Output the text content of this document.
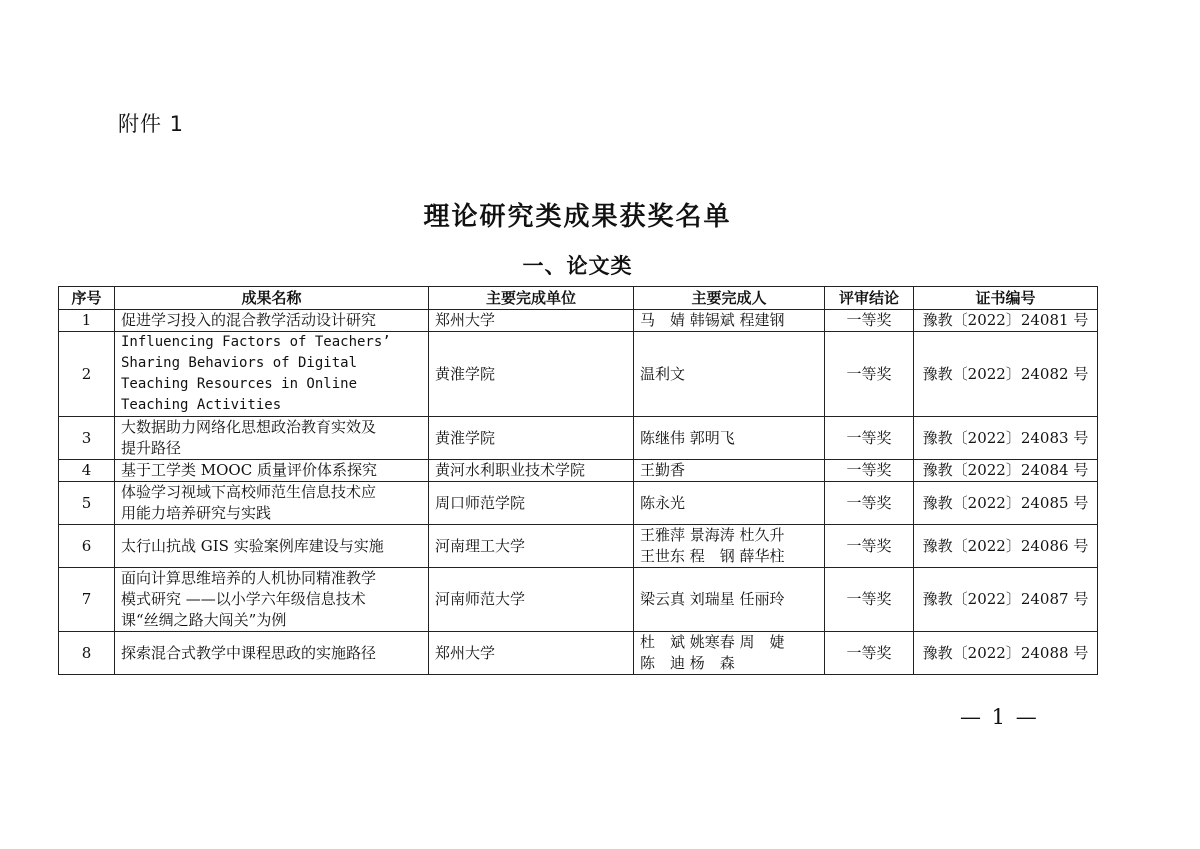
附件 1
理论研究类成果获奖名单
一、论文类
序号	成果名称	主要完成单位	主要完成人	评审结论	证书编号
1	促进学习投入的混合教学活动设计研究	郑州大学	马　婧 韩锡斌 程建钢	一等奖	豫教〔2022〕24081 号
2	Influencing Factors of Teachers’
Sharing Behaviors of Digital
Teaching Resources in Online
Teaching Activities	黄淮学院	温利文	一等奖	豫教〔2022〕24082 号
3	大数据助力网络化思想政治教育实效及
提升路径	黄淮学院	陈继伟 郭明飞	一等奖	豫教〔2022〕24083 号
4	基于工学类 MOOC 质量评价体系探究	黄河水利职业技术学院	王勤香	一等奖	豫教〔2022〕24084 号
5	体验学习视域下高校师范生信息技术应
用能力培养研究与实践	周口师范学院	陈永光	一等奖	豫教〔2022〕24085 号
6	太行山抗战 GIS 实验案例库建设与实施	河南理工大学	王雅萍 景海涛 杜久升
王世东 程　钢 薛华柱	一等奖	豫教〔2022〕24086 号
7	面向计算思维培养的人机协同精准教学
模式研究 ——以小学六年级信息技术
课“丝绸之路大闯关”为例	河南师范大学	梁云真 刘瑞星 任丽玲	一等奖	豫教〔2022〕24087 号
8	探索混合式教学中课程思政的实施路径	郑州大学	杜　斌 姚寒春 周　婕
陈　迪 杨　森	一等奖	豫教〔2022〕24088 号
— 1 —
